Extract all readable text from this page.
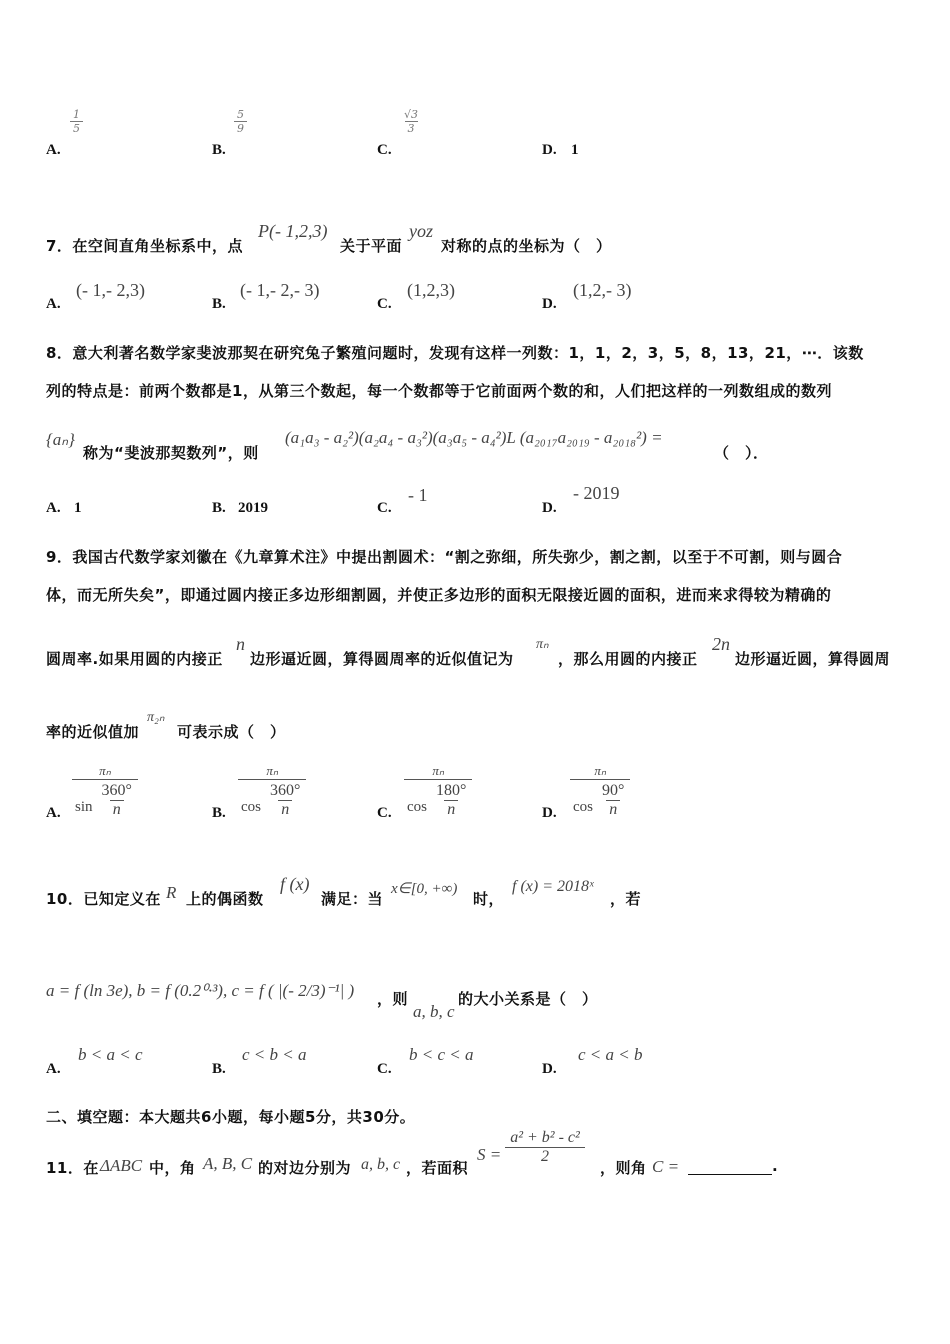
A.
$\frac{1}{5}$
B.
$\frac{5}{9}$
C.
$\frac{√3}{3}$
D. 1
7．在空间直角坐标系中，点
P(- 1,2,3)
关于平面
yoz
对称的点的坐标为（　）
A.
(- 1,- 2,3)
B.
(- 1,- 2,- 3)
C.
(1,2,3)
D.
(1,2,- 3)
8．意大利著名数学家斐波那契在研究兔子繁殖问题时，发现有这样一列数：1，1，2，3，5，8，13，21，⋯．该数
列的特点是：前两个数都是1，从第三个数起，每一个数都等于它前面两个数的和，人们把这样的一列数组成的数列
{aₙ}
称为“斐波那契数列”，则
(a₁a₃ - a₂²)(a₂a₄ - a₃²)(a₃a₅ - a₄²)L (a₂₀₁₇a₂₀₁₉ - a₂₀₁₈²) =
（　）．
A. 1	B. 2019	C.
- 1
D.
- 2019
9．我国古代数学家刘徽在《九章算术注》中提出割圆术：“割之弥细，所失弥少，割之割，以至于不可割，则与圆合
体，而无所失矣”，即通过圆内接正多边形细割圆，并使正多边形的面积无限接近圆的面积，进而来求得较为精确的
圆周率.如果用圆的内接正
n
边形逼近圆，算得圆周率的近似值记为
πₙ
，那么用圆的内接正
2n
边形逼近圆，算得圆周
率的近似值加
π₂ₙ
可表示成（　）
A.
πₙ
sin
$\frac{360^\circ}{n}$	B.
πₙ
cos
$\frac{360^\circ}{n}$	C.
πₙ
cos
$\frac{180^\circ}{n}$	D.
πₙ
cos
$\frac{90^\circ}{n}$
10．已知定义在 R 上的偶函数
f (x)
满足：当
x∈[0, +∞)
时，
f (x) = 2018ˣ
，若
a = f (ln 3e), b = f (0.2⁰·³), c = f ( |(- 2/3)⁻¹| ) ，则
a, b, c
的大小关系是（　）
A.
b < a < c
B.
c < b < a
C.
b < c < a
D.
c < a < b
二、填空题：本大题共6小题，每小题5分，共30分。
11．在 ΔABC 中，角 A, B, C 的对边分别为 a, b, c ，若面积
$S = \frac{\text{a² + b² - c²}}{2}$
，则角 C =	.
